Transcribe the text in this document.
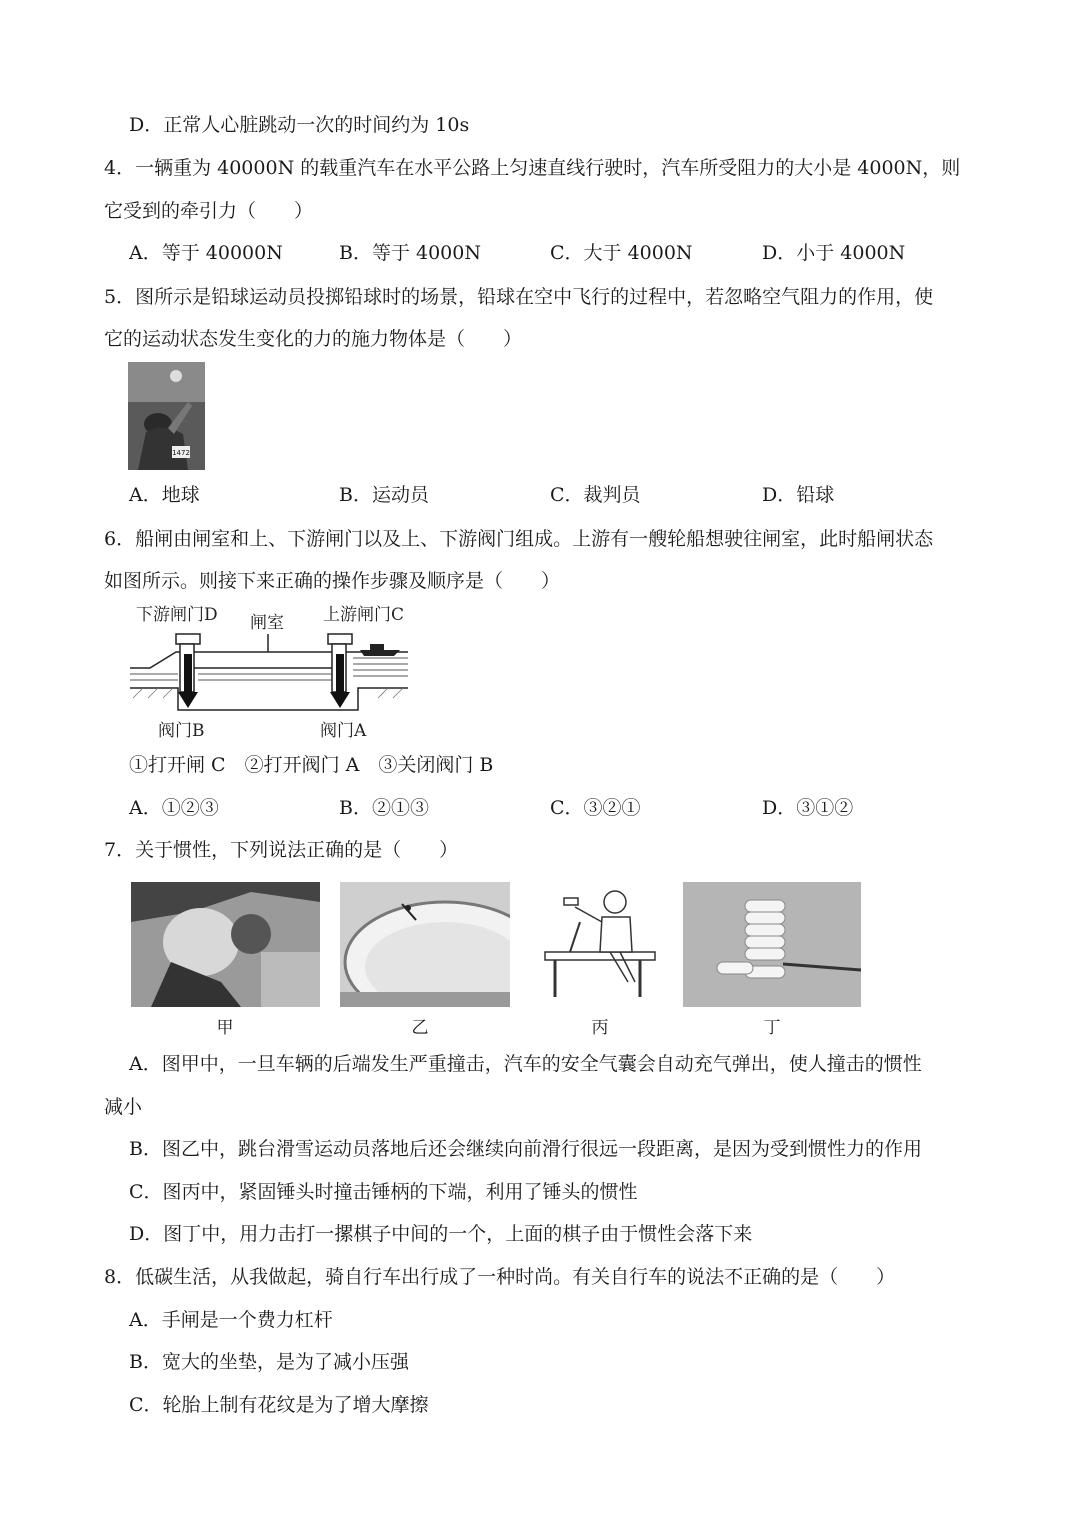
D．正常人心脏跳动一次的时间约为 10s
4．一辆重为 40000N 的载重汽车在水平公路上匀速直线行驶时，汽车所受阻力的大小是 4000N，则
它受到的牵引力（　　）
A．等于 40000N	B．等于 4000N	C．大于 4000N	D．小于 4000N
5．图所示是铅球运动员投掷铅球时的场景，铅球在空中飞行的过程中，若忽略空气阻力的作用，使
它的运动状态发生变化的力的施力物体是（　　）
1472
A．地球	B．运动员	C．裁判员	D．铅球
6．船闸由闸室和上、下游闸门以及上、下游阀门组成。上游有一艘轮船想驶往闸室，此时船闸状态
如图所示。则接下来正确的操作步骤及顺序是（　　）
下游闸门D 闸室 上游闸门C
阀门B	阀门A
①打开闸 C　②打开阀门 A　③关闭阀门 B
A．①②③	B．②①③	C．③②①	D．③①②
7．关于惯性，下列说法正确的是（　　）
甲	乙	丙	丁
A．图甲中，一旦车辆的后端发生严重撞击，汽车的安全气囊会自动充气弹出，使人撞击的惯性
减小
B．图乙中，跳台滑雪运动员落地后还会继续向前滑行很远一段距离，是因为受到惯性力的作用
C．图丙中，紧固锤头时撞击锤柄的下端，利用了锤头的惯性
D．图丁中，用力击打一摞棋子中间的一个，上面的棋子由于惯性会落下来
8．低碳生活，从我做起，骑自行车出行成了一种时尚。有关自行车的说法不正确的是（　　）
A．手闸是一个费力杠杆
B．宽大的坐垫，是为了减小压强
C．轮胎上制有花纹是为了增大摩擦
